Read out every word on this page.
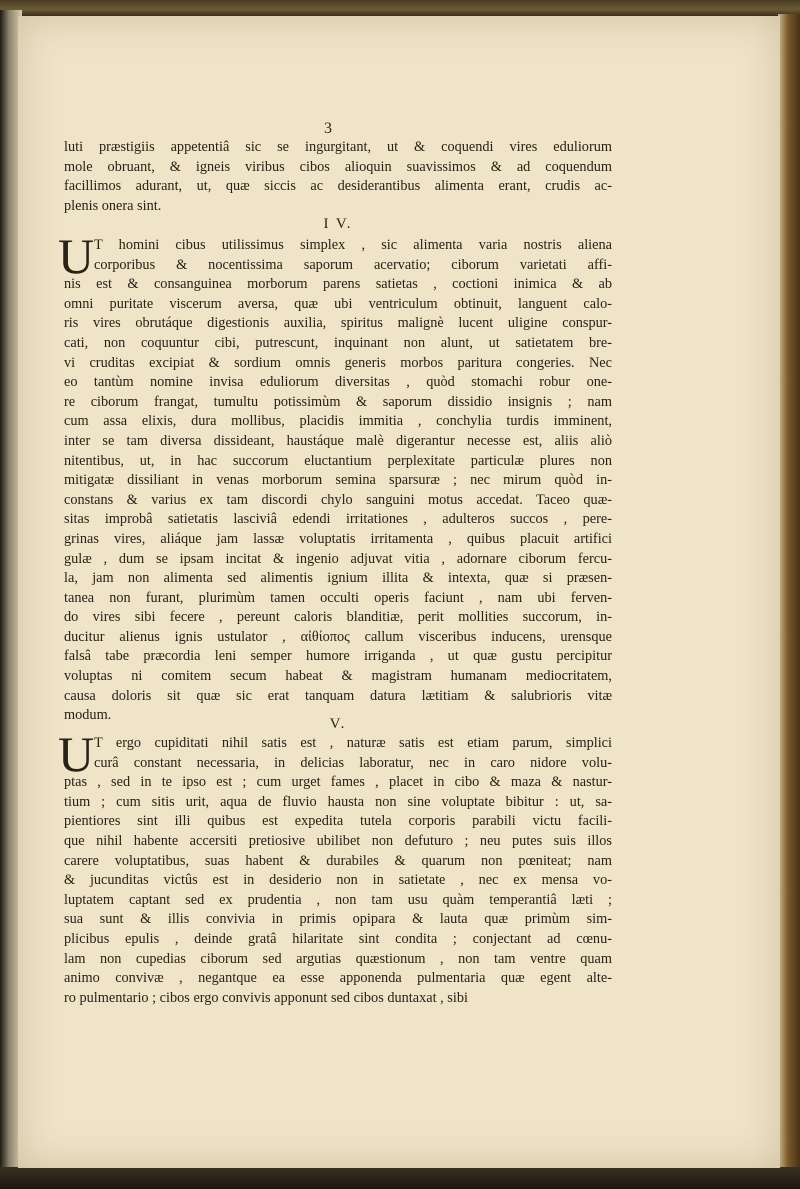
3
luti præstigiis appetentiâ sic se ingurgitant, ut & coquendi vires eduliorum
mole obruant, & igneis viribus cibos alioquin suavissimos & ad coquendum
facillimos adurant, ut, quæ siccis ac desiderantibus alimenta erant, crudis ac-
plenis onera sint.
I V.
U T homini cibus utilissimus simplex , sic alimenta varia nostris aliena
corporibus & nocentissima saporum acervatio; ciborum varietati affi-
nis est & consanguinea morborum parens satietas , coctioni inimica & ab
omni puritate viscerum aversa, quæ ubi ventriculum obtinuit, languent calo-
ris vires obrutáque digestionis auxilia, spiritus malignè lucent uligine conspur-
cati, non coquuntur cibi, putrescunt, inquinant non alunt, ut satietatem bre-
vi cruditas excipiat & sordium omnis generis morbos paritura congeries. Nec
eo tantùm nomine invisa eduliorum diversitas , quòd stomachi robur one-
re ciborum frangat, tumultu potissimùm & saporum dissidio insignis ; nam
cum assa elixis, dura mollibus, placidis immitia , conchylia turdis imminent,
inter se tam diversa dissideant, haustáque malè digerantur necesse est, aliis aliò
nitentibus, ut, in hac succorum eluctantium perplexitate particulæ plures non
mitigatæ dissiliant in venas morborum semina sparsuræ ; nec mirum quòd in-
constans & varius ex tam discordi chylo sanguini motus accedat. Taceo quæ-
sitas improbâ satietatis lasciviâ edendi irritationes , adulteros succos , pere-
grinas vires, aliáque jam lassæ voluptatis irritamenta , quibus placuit artifici
gulæ , dum se ipsam incitat & ingenio adjuvat vitia , adornare ciborum fercu-
la, jam non alimenta sed alimentis ignium illita & intexta, quæ si præsen-
tanea non furant, plurimùm tamen occulti operis faciunt , nam ubi ferven-
do vires sibi fecere , pereunt caloris blanditiæ, perit mollities succorum, in-
ducitur alienus ignis ustulator , αἰθίοπος callum visceribus inducens, urensque
falsâ tabe præcordia leni semper humore irriganda , ut quæ gustu percipitur
voluptas ni comitem secum habeat & magistram humanam mediocritatem,
causa doloris sit quæ sic erat tanquam datura lætitiam & salubrioris vitæ
modum.
V.
U T ergo cupiditati nihil satis est , naturæ satis est etiam parum, simplici
curâ constant necessaria, in delicias laboratur, nec in caro nidore volu-
ptas , sed in te ipso est ; cum urget fames , placet in cibo & maza & nastur-
tium ; cum sitis urit, aqua de fluvio hausta non sine voluptate bibitur : ut, sa-
pientiores sint illi quibus est expedita tutela corporis parabili victu facili-
que nihil habente accersiti pretiosive ubilibet non defuturo ; neu putes suis illos
carere voluptatibus, suas habent & durabiles & quarum non pœniteat; nam
& jucunditas victûs est in desiderio non in satietate , nec ex mensa vo-
luptatem captant sed ex prudentia , non tam usu quàm temperantiâ læti ;
sua sunt & illis convivia in primis opipara & lauta quæ primùm sim-
plicibus epulis , deinde gratâ hilaritate sint condita ; conjectant ad cœnu-
lam non cupedias ciborum sed argutias quæstionum , non tam ventre quam
animo convivæ , negantque ea esse apponenda pulmentaria quæ egent alte-
ro pulmentario ; cibos ergo convivis apponunt sed cibos duntaxat , sibi
